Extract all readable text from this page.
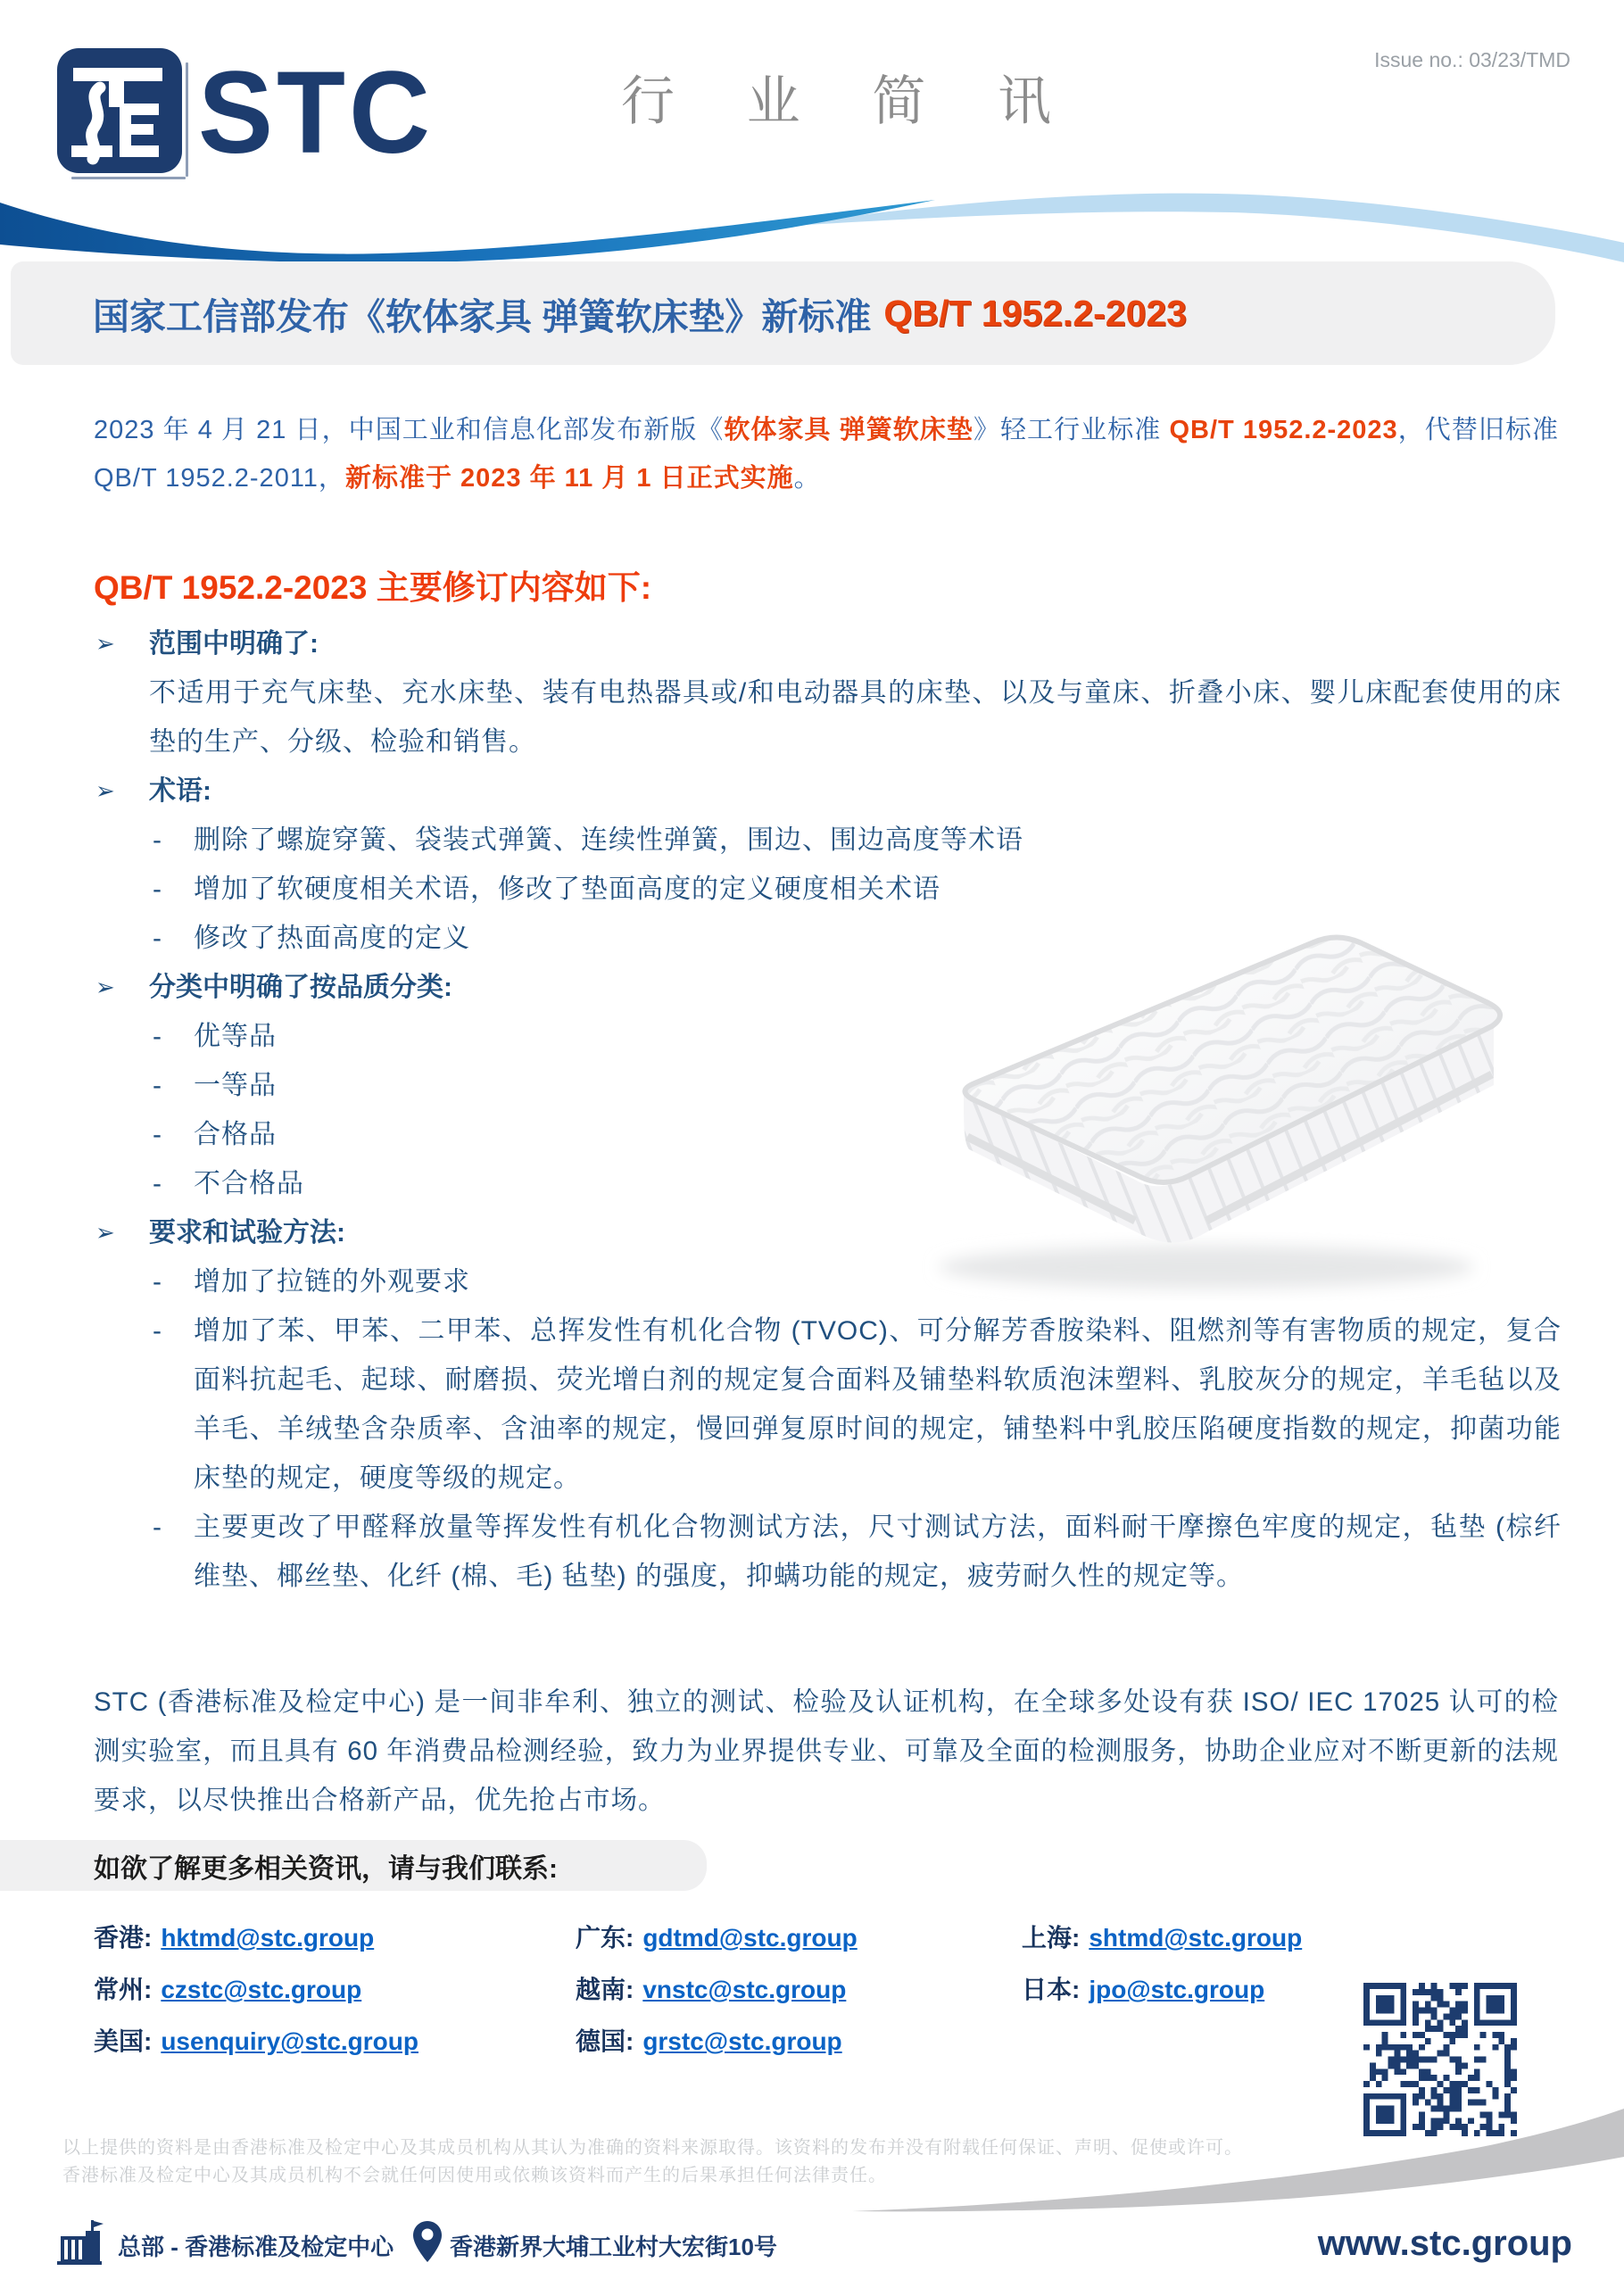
STC	行 业 简 讯
Issue no.: 03/23/TMD
国家工信部发布《软体家具 弹簧软床垫》新标准 QB/T 1952.2-2023
2023 年 4 月 21 日，中国工业和信息化部发布新版《软体家具 弹簧软床垫》轻工行业标准 QB/T 1952.2-2023，代替旧标准 QB/T 1952.2-2011，新标准于 2023 年 11 月 1 日正式实施。
QB/T 1952.2-2023 主要修订内容如下:
➢ 范围中明确了:
不适用于充气床垫、充水床垫、装有电热器具或/和电动器具的床垫、以及与童床、折叠小床、婴儿床配套使用的床垫的生产、分级、检验和销售。
➢ 术语:
- 删除了螺旋穿簧、袋装式弹簧、连续性弹簧，围边、围边高度等术语
- 增加了软硬度相关术语，修改了垫面高度的定义硬度相关术语
- 修改了热面高度的定义
➢ 分类中明确了按品质分类:
- 优等品
- 一等品
- 合格品
- 不合格品
➢ 要求和试验方法:
- 增加了拉链的外观要求
- 增加了苯、甲苯、二甲苯、总挥发性有机化合物 (TVOC)、可分解芳香胺染料、阻燃剂等有害物质的规定，复合面料抗起毛、起球、耐磨损、荧光增白剂的规定复合面料及铺垫料软质泡沫塑料、乳胶灰分的规定，羊毛毡以及羊毛、羊绒垫含杂质率、含油率的规定，慢回弹复原时间的规定，铺垫料中乳胶压陷硬度指数的规定，抑菌功能床垫的规定，硬度等级的规定。
- 主要更改了甲醛释放量等挥发性有机化合物测试方法，尺寸测试方法，面料耐干摩擦色牢度的规定，毡垫 (棕纤维垫、椰丝垫、化纤 (棉、毛) 毡垫) 的强度，抑螨功能的规定，疲劳耐久性的规定等。
STC (香港标准及检定中心) 是一间非牟利、独立的测试、检验及认证机构，在全球多处设有获 ISO/ IEC 17025 认可的检测实验室，而且具有 60 年消费品检测经验，致力为业界提供专业、可靠及全面的检测服务，协助企业应对不断更新的法规要求，以尽快推出合格新产品，优先抢占市场。
如欲了解更多相关资讯，请与我们联系:
香港: hktmd@stc.group	广东: gdtmd@stc.group	上海: shtmd@stc.group
常州: czstc@stc.group	越南: vnstc@stc.group	日本: jpo@stc.group
美国: usenquiry@stc.group	德国: grstc@stc.group
以上提供的资料是由香港标准及检定中心及其成员机构从其认为准确的资料来源取得。该资料的发布并没有附载任何保证、声明、促使或许可。
香港标准及检定中心及其成员机构不会就任何因使用或依赖该资料而产生的后果承担任何法律责任。
总部 - 香港标准及检定中心 香港新界大埔工业村大宏街10号	www.stc.group
